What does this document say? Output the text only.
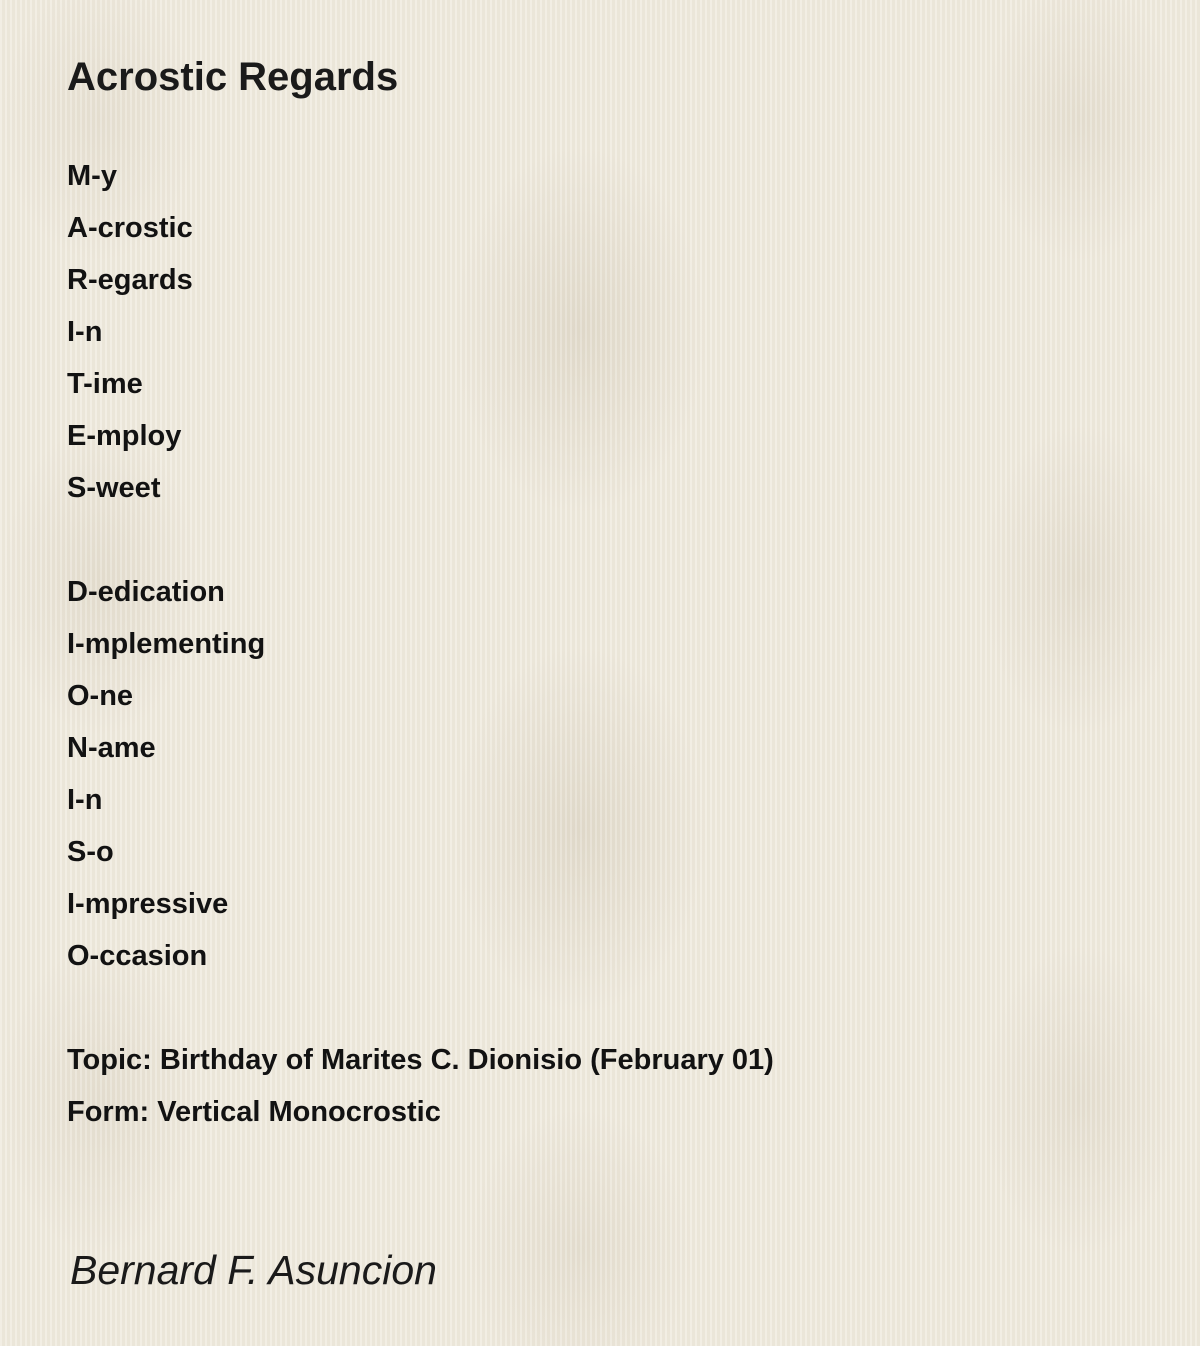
Acrostic Regards
M-y
A-crostic
R-egards
I-n
T-ime
E-mploy
S-weet
D-edication
I-mplementing
O-ne
N-ame
I-n
S-o
I-mpressive
O-ccasion
Topic: Birthday of Marites C. Dionisio (February 01)
Form: Vertical Monocrostic

Bernard F. Asuncion
